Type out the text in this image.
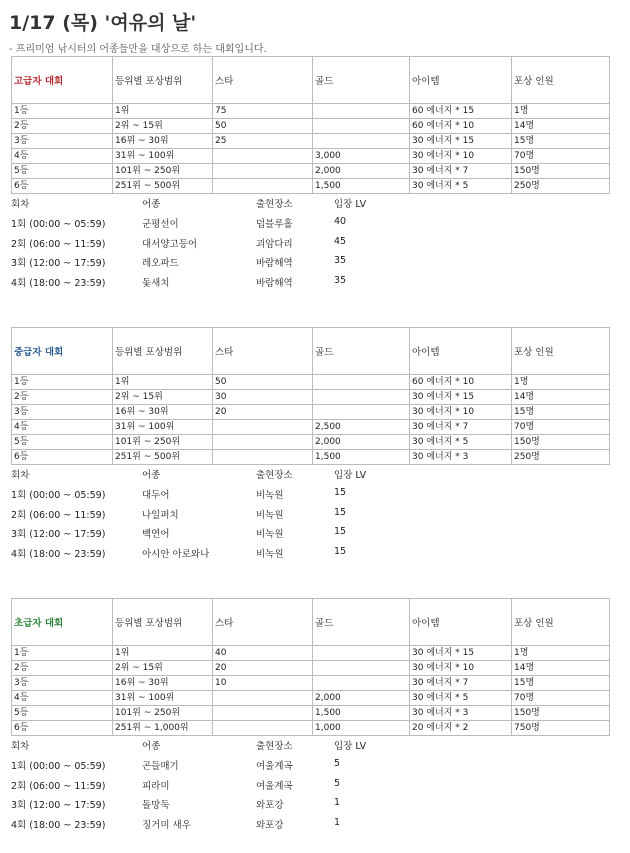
1/17 (목) '여유의 날'
- 프리미엄 낚시터의 어종들만을 대상으로 하는 대회입니다.
고급자 대회	등위별 포상범위	스타	골드	아이템	포상 인원
1등	1위	75		60 에너지 * 15	1명
2등	2위 ~ 15위	50		60 에너지 * 10	14명
3등	16위 ~ 30위	25		30 에너지 * 15	15명
4등	31위 ~ 100위		3,000	30 에너지 * 10	70명
5등	101위 ~ 250위		2,000	30 에너지 * 7	150명
6등	251위 ~ 500위		1,500	30 에너지 * 5	250명
회차	어종	출현장소	입장 LV
1회 (00:00 ~ 05:59)	군평선이	덥블루홀	40
2회 (06:00 ~ 11:59)	대서양고등어	괴암다리	45
3회 (12:00 ~ 17:59)	레오파드	바람해역	35
4회 (18:00 ~ 23:59)	돛새치	바람해역	35
중급자 대회	등위별 포상범위	스타	골드	아이템	포상 인원
1등	1위	50		60 에너지 * 10	1명
2등	2위 ~ 15위	30		30 에너지 * 15	14명
3등	16위 ~ 30위	20		30 에너지 * 10	15명
4등	31위 ~ 100위		2,500	30 에너지 * 7	70명
5등	101위 ~ 250위		2,000	30 에너지 * 5	150명
6등	251위 ~ 500위		1,500	30 에너지 * 3	250명
회차	어종	출현장소	입장 LV
1회 (00:00 ~ 05:59)	대두어	비녹원	15
2회 (06:00 ~ 11:59)	나일퍼치	비녹원	15
3회 (12:00 ~ 17:59)	백연어	비녹원	15
4회 (18:00 ~ 23:59)	아시안 아로와나	비녹원	15
초급자 대회	등위별 포상범위	스타	골드	아이템	포상 인원
1등	1위	40		30 에너지 * 15	1명
2등	2위 ~ 15위	20		30 에너지 * 10	14명
3등	16위 ~ 30위	10		30 에너지 * 7	15명
4등	31위 ~ 100위		2,000	30 에너지 * 5	70명
5등	101위 ~ 250위		1,500	30 에너지 * 3	150명
6등	251위 ~ 1,000위		1,000	20 에너지 * 2	750명
회차	어종	출현장소	입장 LV
1회 (00:00 ~ 05:59)	곤들매기	여울계곡	5
2회 (06:00 ~ 11:59)	피라미	여울계곡	5
3회 (12:00 ~ 17:59)	돌망둑	와포강	1
4회 (18:00 ~ 23:59)	징거미 새우	와포강	1
